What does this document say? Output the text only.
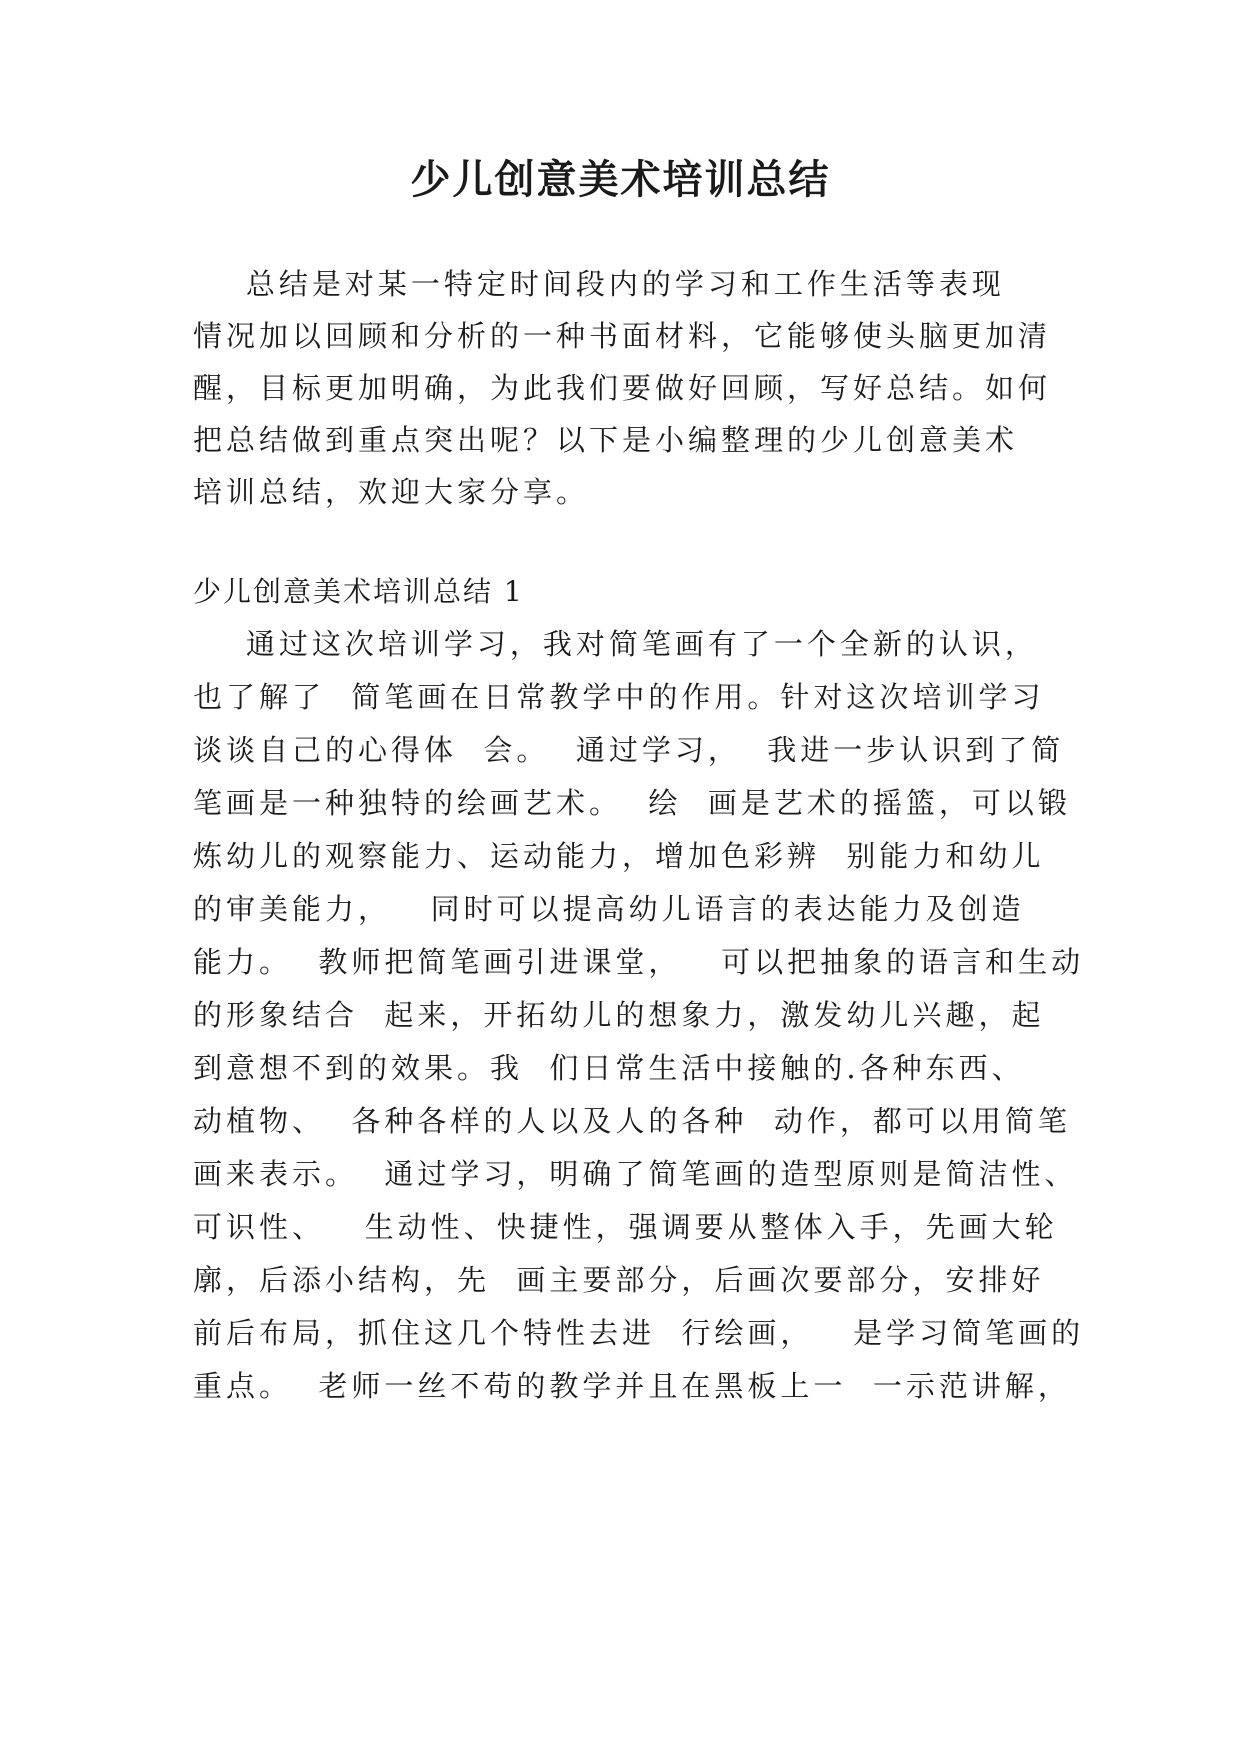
少儿创意美术培训总结

总结是对某一特定时间段内的学习和工作生活等表现

情况加以回顾和分析的一种书面材料，它能够使头脑更加清

醒，目标更加明确，为此我们要做好回顾，写好总结。如何

把总结做到重点突出呢？以下是小编整理的少儿创意美术

培训总结，欢迎大家分享。

少儿创意美术培训总结 1

通过这次培训学习，我对简笔画有了一个全新的认识，

也了解了  简笔画在日常教学中的作用。针对这次培训学习

谈谈自己的心得体  会。  通过学习，  我进一步认识到了简

笔画是一种独特的绘画艺术。  绘  画是艺术的摇篮，可以锻

炼幼儿的观察能力、运动能力，增加色彩辨  别能力和幼儿

的审美能力，   同时可以提高幼儿语言的表达能力及创造

能力。  教师把简笔画引进课堂，   可以把抽象的语言和生动

的形象结合  起来，开拓幼儿的想象力，激发幼儿兴趣，起

到意想不到的效果。我  们日常生活中接触的.各种东西、

动植物、  各种各样的人以及人的各种  动作，都可以用简笔

画来表示。  通过学习，明确了简笔画的造型原则是简洁性、

可识性、   生动性、快捷性，强调要从整体入手，先画大轮

廓，后添小结构，先  画主要部分，后画次要部分，安排好

前后布局，抓住这几个特性去进  行绘画，   是学习简笔画的

重点。  老师一丝不苟的教学并且在黑板上一  一示范讲解，
